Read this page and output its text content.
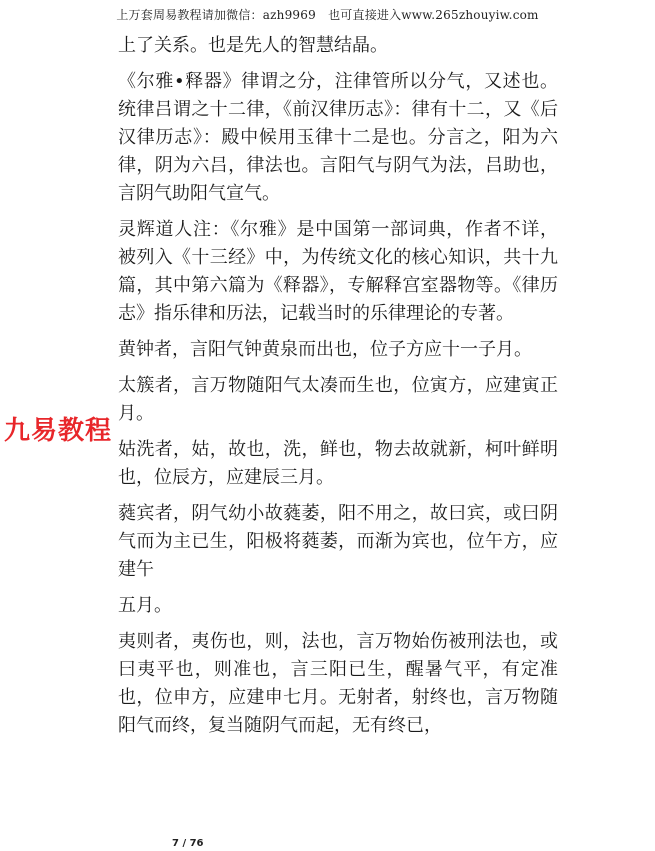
上万套周易教程请加微信：azh9969　也可直接进入www.265zhouyiw.com
九易教程

上了关系。也是先人的智慧结晶。

《尔雅•释器》律谓之分，注律管所以分气，又述也。统律吕谓之十二律，《前汉律历志》：律有十二，又《后汉律历志》：殿中候用玉律十二是也。分言之，阳为六律，阴为六吕，律法也。言阳气与阴气为法，吕助也，言阴气助阳气宣气。

灵辉道人注：《尔雅》是中国第一部词典，作者不详，被列入《十三经》中，为传统文化的核心知识，共十九篇，其中第六篇为《释器》，专解释宫室器物等。《律历志》指乐律和历法，记载当时的乐律理论的专著。

黄钟者，言阳气钟黄泉而出也，位子方应十一子月。

太簇者，言万物随阳气太凑而生也，位寅方，应建寅正月。

姑洗者，姑，故也，洗，鲜也，物去故就新，柯叶鲜明也，位辰方，应建辰三月。

蕤宾者，阴气幼小故蕤萎，阳不用之，故曰宾，或曰阴气而为主已生，阳极将蕤萎，而渐为宾也，位午方，应建午

五月。

夷则者，夷伤也，则，法也，言万物始伤被刑法也，或曰夷平也，则准也，言三阳已生，醒暑气平，有定准也，位申方，应建申七月。无射者，射终也，言万物随阳气而终，复当随阴气而起，无有终已，

7 / 76
